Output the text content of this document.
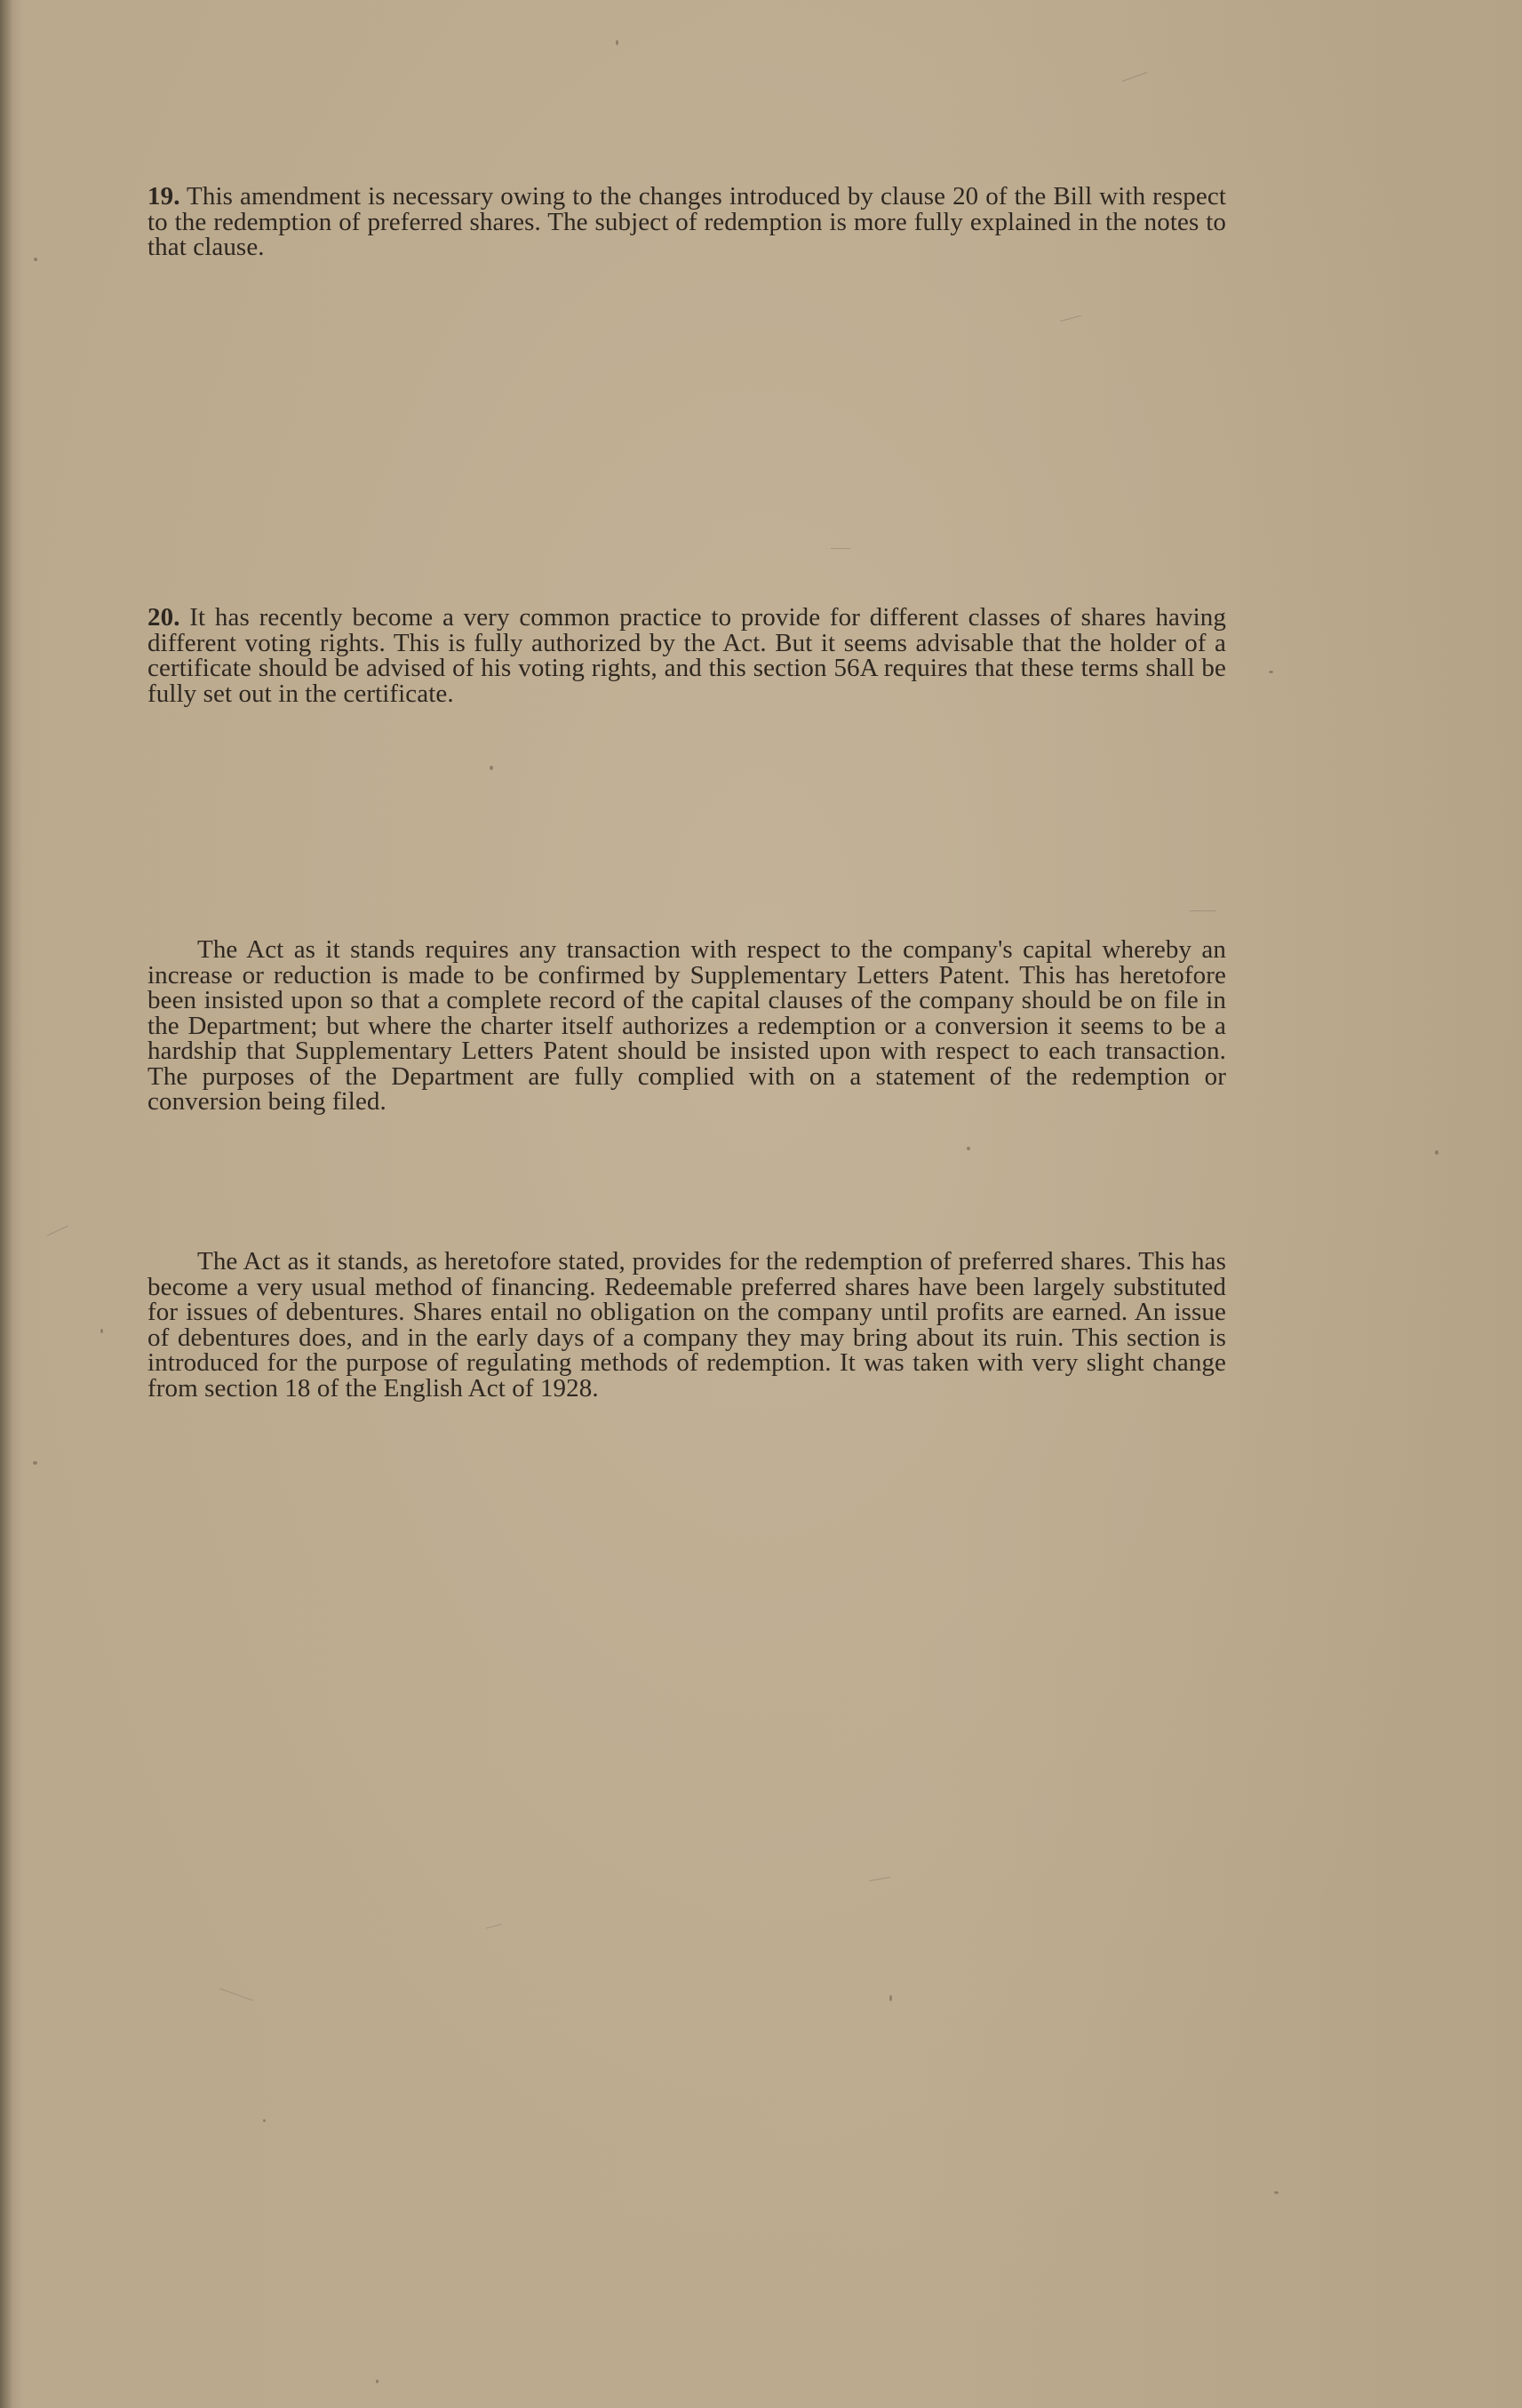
19. This amendment is necessary owing to the changes introduced by clause 20 of the Bill with respect to the redemption of preferred shares. The subject of redemption is more fully explained in the notes to that clause.

20. It has recently become a very common practice to provide for different classes of shares having different voting rights. This is fully authorized by the Act. But it seems advisable that the holder of a certificate should be advised of his voting rights, and this section 56A requires that these terms shall be fully set out in the certificate.

The Act as it stands requires any transaction with respect to the company's capital whereby an increase or reduction is made to be confirmed by Supplementary Letters Patent. This has heretofore been insisted upon so that a complete record of the capital clauses of the company should be on file in the Department; but where the charter itself authorizes a redemption or a conversion it seems to be a hardship that Supplementary Letters Patent should be insisted upon with respect to each transaction. The purposes of the Department are fully complied with on a statement of the redemption or conversion being filed.

The Act as it stands, as heretofore stated, provides for the redemption of preferred shares. This has become a very usual method of financing. Redeemable preferred shares have been largely substituted for issues of debentures. Shares entail no obligation on the company until profits are earned. An issue of debentures does, and in the early days of a company they may bring about its ruin. This section is introduced for the purpose of regulating methods of redemption. It was taken with very slight change from section 18 of the English Act of 1928.
